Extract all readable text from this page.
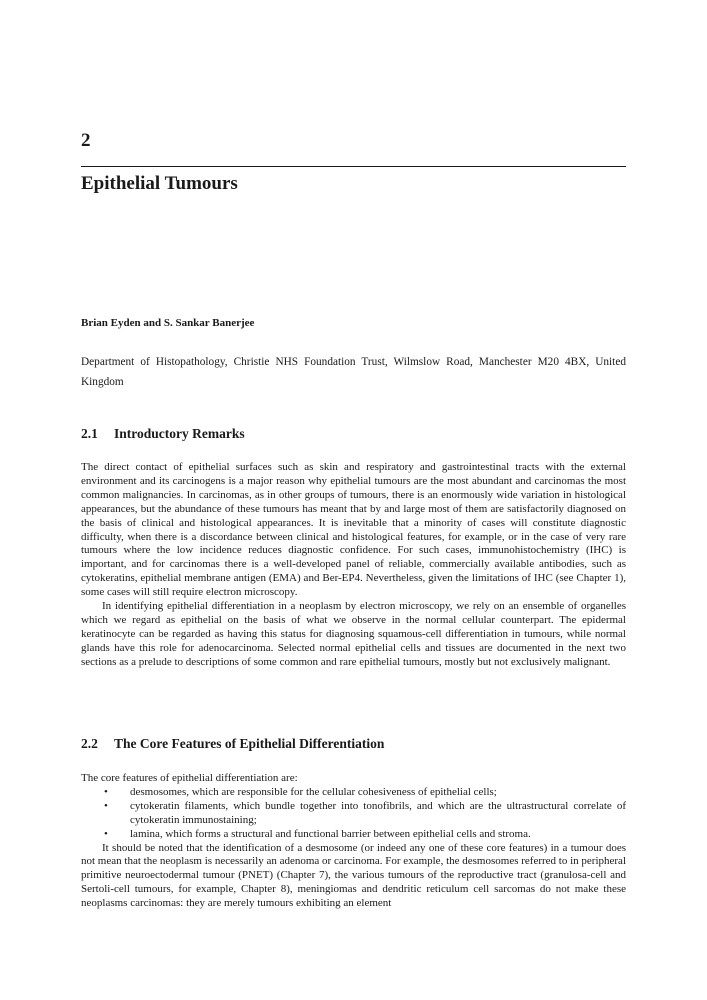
2
Epithelial Tumours
Brian Eyden and S. Sankar Banerjee
Department of Histopathology, Christie NHS Foundation Trust, Wilmslow Road, Manchester M20 4BX, United Kingdom
2.1 Introductory Remarks

The direct contact of epithelial surfaces such as skin and respiratory and gastrointestinal tracts with the external environment and its carcinogens is a major reason why epithelial tumours are the most abundant and carcinomas the most common malignancies. In carcinomas, as in other groups of tumours, there is an enormously wide variation in histological appearances, but the abundance of these tumours has meant that by and large most of them are satisfactorily diagnosed on the basis of clinical and histological appearances. It is inevitable that a minority of cases will constitute diagnostic difficulty, when there is a discordance between clinical and histological features, for example, or in the case of very rare tumours where the low incidence reduces diagnostic confidence. For such cases, immunohistochemistry (IHC) is important, and for carcinomas there is a well-developed panel of reliable, commercially available antibodies, such as cytokeratins, epithelial membrane antigen (EMA) and Ber-EP4. Nevertheless, given the limitations of IHC (see Chapter 1), some cases will still require electron microscopy.

In identifying epithelial differentiation in a neoplasm by electron microscopy, we rely on an ensemble of organelles which we regard as epithelial on the basis of what we observe in the normal cellular counterpart. The epidermal keratinocyte can be regarded as having this status for diagnosing squamous-cell differentiation in tumours, while normal glands have this role for adenocarcinoma. Selected normal epithelial cells and tissues are documented in the next two sections as a prelude to descriptions of some common and rare epithelial tumours, mostly but not exclusively malignant.

2.2 The Core Features of Epithelial Differentiation

The core features of epithelial differentiation are:

• desmosomes, which are responsible for the cellular cohesiveness of epithelial cells;
• cytokeratin filaments, which bundle together into tonofibrils, and which are the ultrastructural correlate of cytokeratin immunostaining;
• lamina, which forms a structural and functional barrier between epithelial cells and stroma.

It should be noted that the identification of a desmosome (or indeed any one of these core features) in a tumour does not mean that the neoplasm is necessarily an adenoma or carcinoma. For example, the desmosomes referred to in peripheral primitive neuroectodermal tumour (PNET) (Chapter 7), the various tumours of the reproductive tract (granulosa-cell and Sertoli-cell tumours, for example, Chapter 8), meningiomas and dendritic reticulum cell sarcomas do not make these neoplasms carcinomas: they are merely tumours exhibiting an element
